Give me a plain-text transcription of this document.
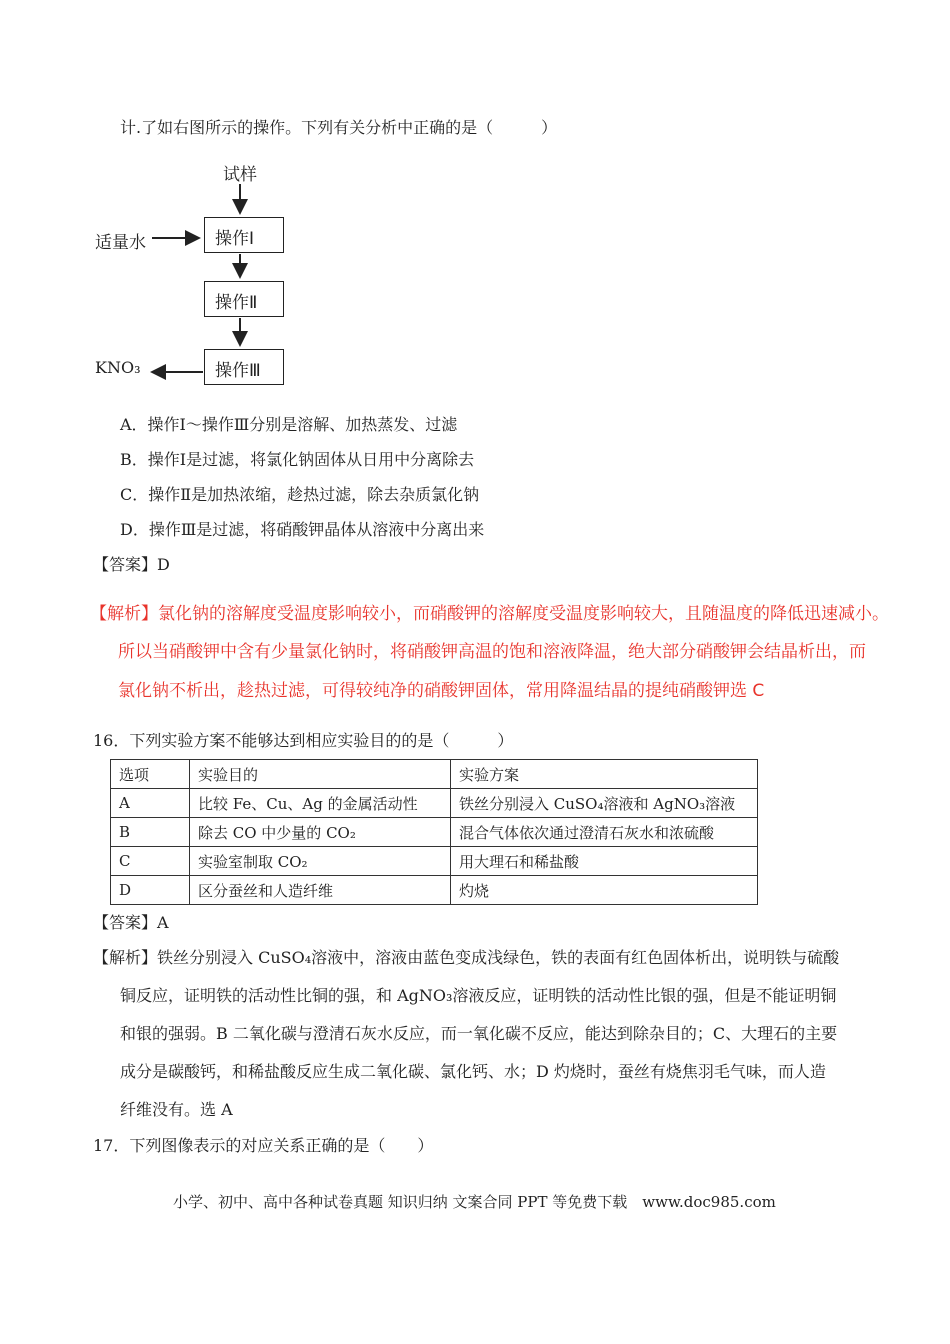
计.了如右图所示的操作。下列有关分析中正确的是（　　　）
试样
适量水
KNO₃
操作Ⅰ
操作Ⅱ
操作Ⅲ
A．操作Ⅰ～操作Ⅲ分别是溶解、加热蒸发、过滤
B．操作Ⅰ是过滤，将氯化钠固体从日用中分离除去
C．操作Ⅱ是加热浓缩，趁热过滤，除去杂质氯化钠
D．操作Ⅲ是过滤，将硝酸钾晶体从溶液中分离出来
【答案】D
【解析】氯化钠的溶解度受温度影响较小，而硝酸钾的溶解度受温度影响较大，且随温度的降低迅速减小。
所以当硝酸钾中含有少量氯化钠时，将硝酸钾高温的饱和溶液降温，绝大部分硝酸钾会结晶析出，而
氯化钠不析出，趁热过滤，可得较纯净的硝酸钾固体，常用降温结晶的提纯硝酸钾选 C
16．下列实验方案不能够达到相应实验目的的是（　　　）
选项	实验目的	实验方案
A	比较 Fe、Cu、Ag 的金属活动性	铁丝分别浸入 CuSO₄溶液和 AgNO₃溶液
B	除去 CO 中少量的 CO₂	混合气体依次通过澄清石灰水和浓硫酸
C	实验室制取 CO₂	用大理石和稀盐酸
D	区分蚕丝和人造纤维	灼烧
【答案】A
【解析】铁丝分别浸入 CuSO₄溶液中，溶液由蓝色变成浅绿色，铁的表面有红色固体析出，说明铁与硫酸
铜反应，证明铁的活动性比铜的强，和 AgNO₃溶液反应，证明铁的活动性比银的强，但是不能证明铜
和银的强弱。B 二氧化碳与澄清石灰水反应，而一氧化碳不反应，能达到除杂目的；C、大理石的主要
成分是碳酸钙，和稀盐酸反应生成二氧化碳、氯化钙、水；D 灼烧时，蚕丝有烧焦羽毛气味，而人造
纤维没有。选 A
17．下列图像表示的对应关系正确的是（　　）
小学、初中、高中各种试卷真题 知识归纳 文案合同 PPT 等免费下载　www.doc985.com
